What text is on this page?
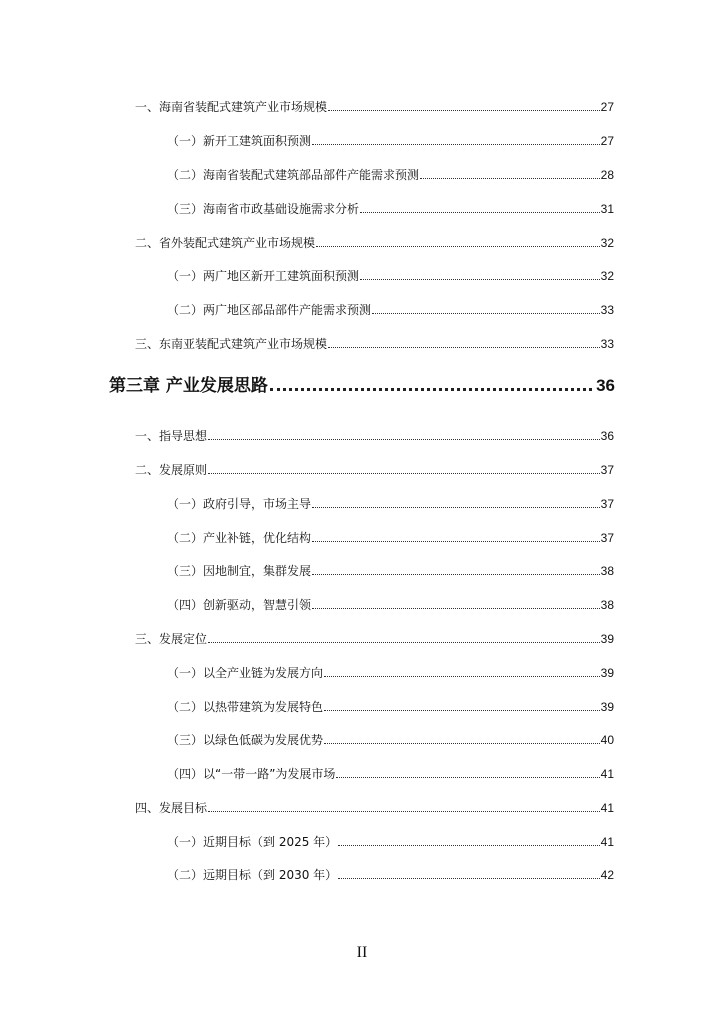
一、海南省装配式建筑产业市场规模	27
（一）新开工建筑面积预测	27
（二）海南省装配式建筑部品部件产能需求预测	28
（三）海南省市政基础设施需求分析	31
二、省外装配式建筑产业市场规模	32
（一）两广地区新开工建筑面积预测	32
（二）两广地区部品部件产能需求预测	33
三、东南亚装配式建筑产业市场规模	33
第三章 产业发展思路	36
一、指导思想	36
二、发展原则	37
（一）政府引导，市场主导	37
（二）产业补链，优化结构	37
（三）因地制宜，集群发展	38
（四）创新驱动，智慧引领	38
三、发展定位	39
（一）以全产业链为发展方向	39
（二）以热带建筑为发展特色	39
（三）以绿色低碳为发展优势	40
（四）以“一带一路”为发展市场	41
四、发展目标	41
（一）近期目标（到 2025 年）	41
（二）远期目标（到 2030 年）	42
II
